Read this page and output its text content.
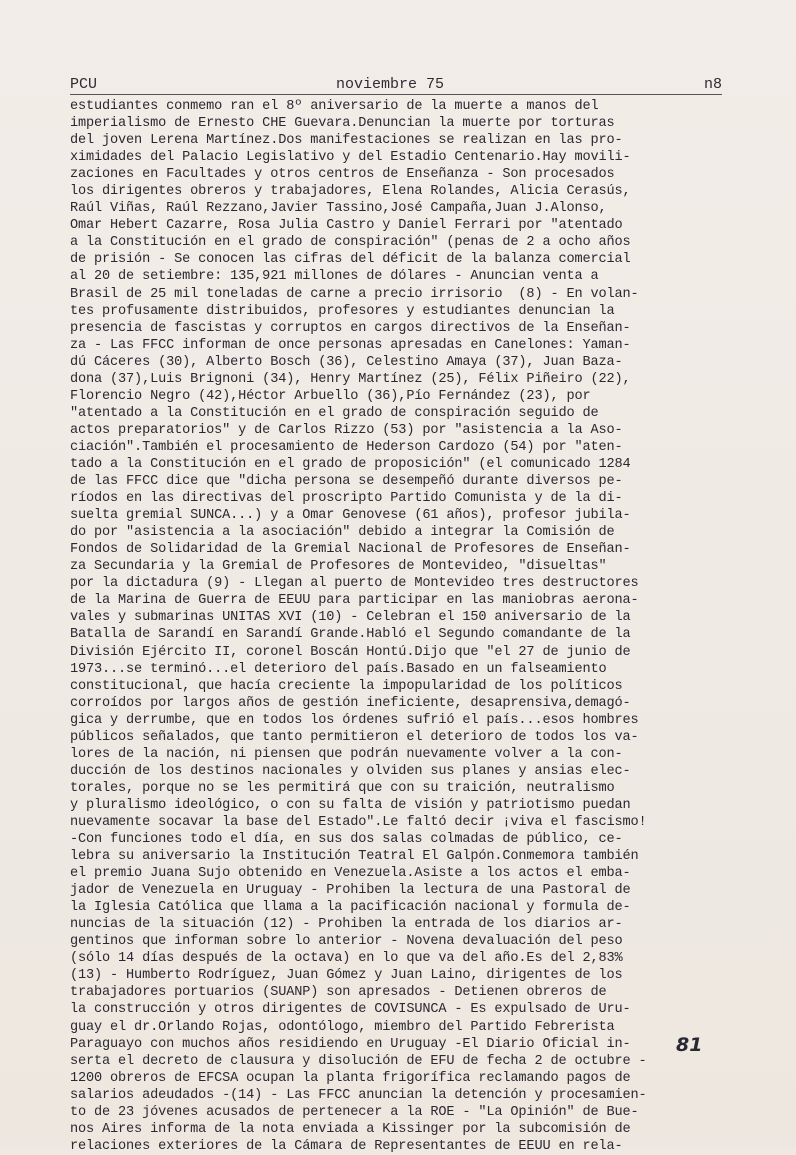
PCU	noviembre 75	n8
estudiantes conmemo ran el 8º aniversario de la muerte a manos del
imperialismo de Ernesto CHE Guevara.Denuncian la muerte por torturas
del joven Lerena Martínez.Dos manifestaciones se realizan en las pro-
ximidades del Palacio Legislativo y del Estadio Centenario.Hay movili-
zaciones en Facultades y otros centros de Enseñanza - Son procesados
los dirigentes obreros y trabajadores, Elena Rolandes, Alicia Cerasús,
Raúl Viñas, Raúl Rezzano,Javier Tassino,José Campaña,Juan J.Alonso,
Omar Hebert Cazarre, Rosa Julia Castro y Daniel Ferrari por "atentado
a la Constitución en el grado de conspiración" (penas de 2 a ocho años
de prisión - Se conocen las cifras del déficit de la balanza comercial
al 20 de setiembre: 135,921 millones de dólares - Anuncian venta a
Brasil de 25 mil toneladas de carne a precio irrisorio  (8) - En volan-
tes profusamente distribuidos, profesores y estudiantes denuncian la
presencia de fascistas y corruptos en cargos directivos de la Enseñan-
za - Las FFCC informan de once personas apresadas en Canelones: Yaman-
dú Cáceres (30), Alberto Bosch (36), Celestino Amaya (37), Juan Baza-
dona (37),Luis Brignoni (34), Henry Martínez (25), Félix Piñeiro (22),
Florencio Negro (42),Héctor Arbuello (36),Pío Fernández (23), por
"atentado a la Constitución en el grado de conspiración seguido de
actos preparatorios" y de Carlos Rizzo (53) por "asistencia a la Aso-
ciación".También el procesamiento de Hederson Cardozo (54) por "aten-
tado a la Constitución en el grado de proposición" (el comunicado 1284
de las FFCC dice que "dicha persona se desempeñó durante diversos pe-
ríodos en las directivas del proscripto Partido Comunista y de la di-
suelta gremial SUNCA...) y a Omar Genovese (61 años), profesor jubila-
do por "asistencia a la asociación" debido a integrar la Comisión de
Fondos de Solidaridad de la Gremial Nacional de Profesores de Enseñan-
za Secundaria y la Gremial de Profesores de Montevideo, "disueltas"
por la dictadura (9) - Llegan al puerto de Montevideo tres destructores
de la Marina de Guerra de EEUU para participar en las maniobras aerona-
vales y submarinas UNITAS XVI (10) - Celebran el 150 aniversario de la
Batalla de Sarandí en Sarandí Grande.Habló el Segundo comandante de la
División Ejército II, coronel Boscán Hontú.Dijo que "el 27 de junio de
1973...se terminó...el deterioro del país.Basado en un falseamiento
constitucional, que hacía creciente la impopularidad de los políticos
corroídos por largos años de gestión ineficiente, desaprensiva,demagó-
gica y derrumbe, que en todos los órdenes sufrió el país...esos hombres
públicos señalados, que tanto permitieron el deterioro de todos los va-
lores de la nación, ni piensen que podrán nuevamente volver a la con-
ducción de los destinos nacionales y olviden sus planes y ansias elec-
torales, porque no se les permitirá que con su traición, neutralismo
y pluralismo ideológico, o con su falta de visión y patriotismo puedan
nuevamente socavar la base del Estado".Le faltó decir ¡viva el fascismo!
-Con funciones todo el día, en sus dos salas colmadas de público, ce-
lebra su aniversario la Institución Teatral El Galpón.Conmemora también
el premio Juana Sujo obtenido en Venezuela.Asiste a los actos el emba-
jador de Venezuela en Uruguay - Prohiben la lectura de una Pastoral de
la Iglesia Católica que llama a la pacificación nacional y formula de-
nuncias de la situación (12) - Prohiben la entrada de los diarios ar-
gentinos que informan sobre lo anterior - Novena devaluación del peso
(sólo 14 días después de la octava) en lo que va del año.Es del 2,83%
(13) - Humberto Rodríguez, Juan Gómez y Juan Laino, dirigentes de los
trabajadores portuarios (SUANP) son apresados - Detienen obreros de
la construcción y otros dirigentes de COVISUNCA - Es expulsado de Uru-
guay el dr.Orlando Rojas, odontólogo, miembro del Partido Febrerista
Paraguayo con muchos años residiendo en Uruguay -El Diario Oficial in-
serta el decreto de clausura y disolución de EFU de fecha 2 de octubre -
1200 obreros de EFCSA ocupan la planta frigorífica reclamando pagos de
salarios adeudados -(14) - Las FFCC anuncian la detención y procesamien-
to de 23 jóvenes acusados de pertenecer a la ROE - "La Opinión" de Bue-
nos Aires informa de la nota enviada a Kissinger por la subcomisión de
relaciones exteriores de la Cámara de Representantes de EEUU en rela-
81
